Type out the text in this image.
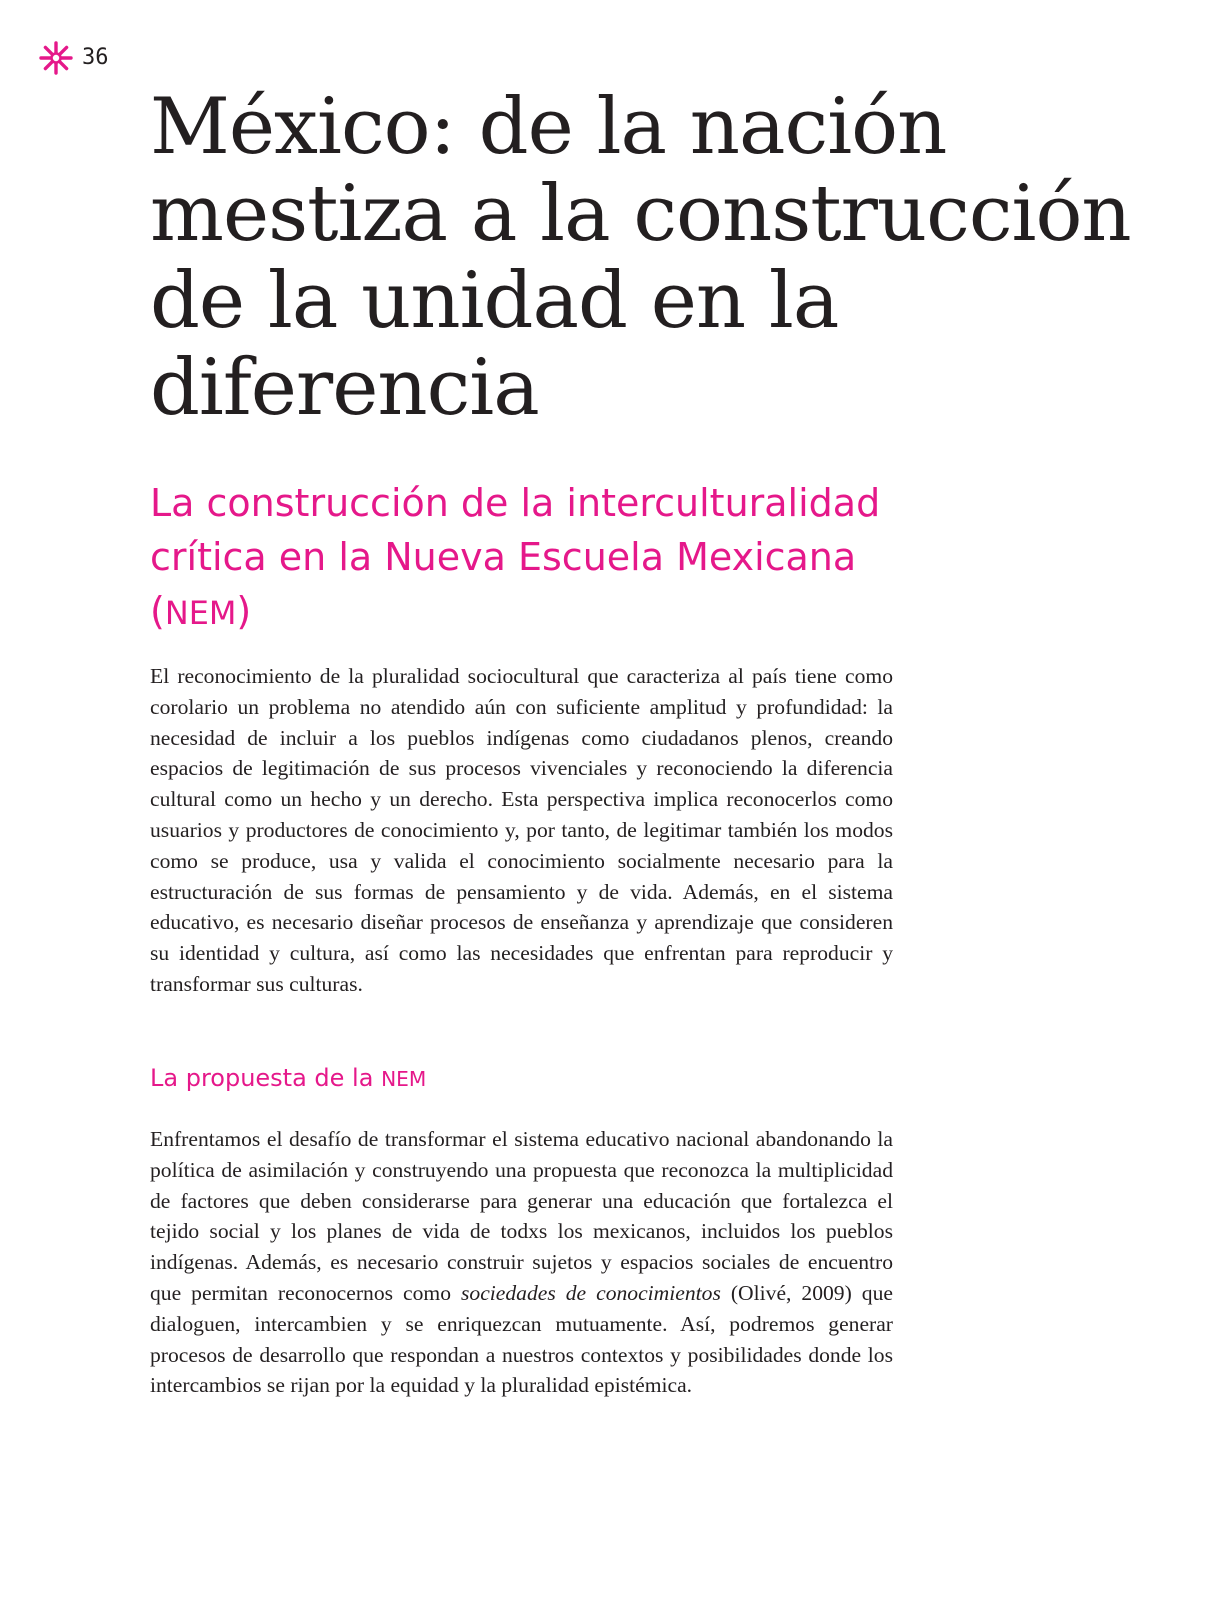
36
México: de la nación mestiza a la construcción de la unidad en la diferencia
La construcción de la interculturalidad crítica en la Nueva Escuela Mexicana (NEM)

El reconocimiento de la pluralidad sociocultural que caracteriza al país tiene como corolario un problema no atendido aún con suficiente amplitud y profundidad: la necesidad de incluir a los pueblos indígenas como ciudadanos plenos, creando espacios de legitimación de sus procesos vivenciales y reconociendo la diferencia cultural como un hecho y un derecho. Esta perspectiva implica reconocerlos como usuarios y productores de conocimiento y, por tanto, de legitimar también los modos como se produce, usa y valida el conocimiento socialmente necesario para la estructuración de sus formas de pensamiento y de vida. Además, en el sistema educativo, es necesario diseñar procesos de enseñanza y aprendizaje que consideren su identidad y cultura, así como las necesidades que enfrentan para reproducir y transformar sus culturas.

La propuesta de la NEM

Enfrentamos el desafío de transformar el sistema educativo nacional abandonando la política de asimilación y construyendo una propuesta que reconozca la multiplicidad de factores que deben considerarse para generar una educación que fortalezca el tejido social y los planes de vida de todxs los mexicanos, incluidos los pueblos indígenas. Además, es necesario construir sujetos y espacios sociales de encuentro que permitan reconocernos como sociedades de conocimientos (Olivé, 2009) que dialoguen, intercambien y se enriquezcan mutuamente. Así, podremos generar procesos de desarrollo que respondan a nuestros contextos y posibilidades donde los intercambios se rijan por la equidad y la pluralidad epistémica.
